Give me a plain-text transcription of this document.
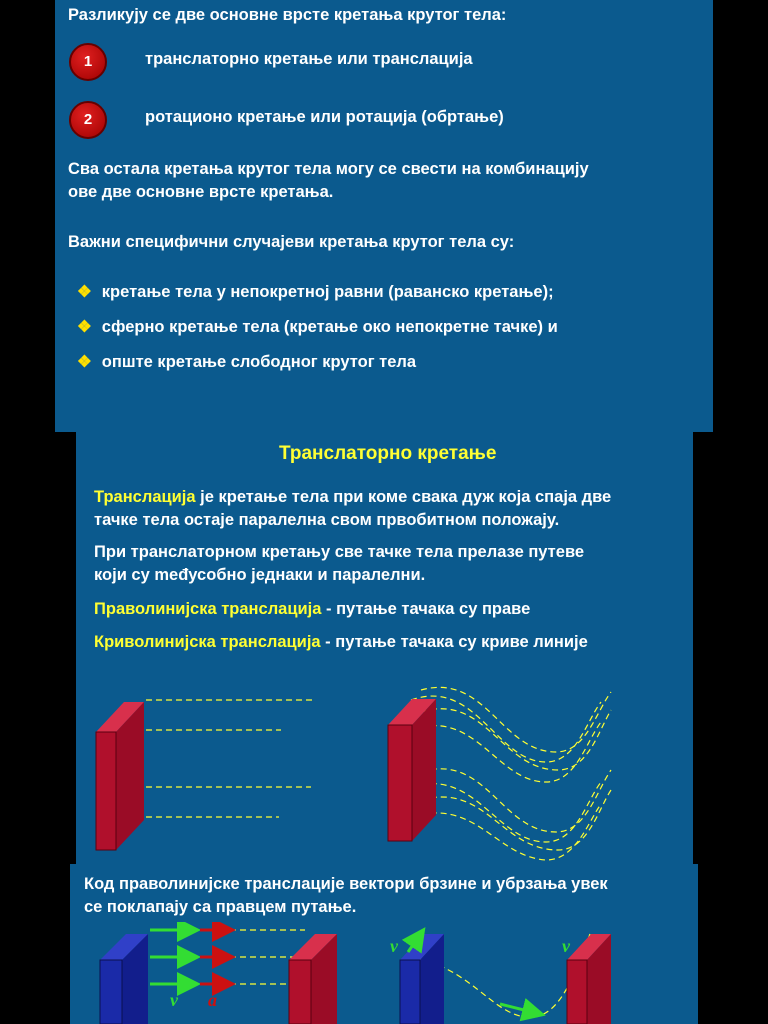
Разликују се две основне врсте кретања крутог тела:
1	транслаторно кретање или транслација
2	ротационо кретање или ротација (обртање)
Сва остала кретања крутог тела могу се свести на комбинацију
ове две основне врсте кретања.
Важни специфични случајеви кретања крутог тела су:
❖ кретање тела у непокретној равни (раванско кретање);
❖ сферно кретање тела (кретање око непокретне тачке) и
❖ опште кретање слободног крутог тела
Транслаторно кретање
Транслација је кретање тела при коме свака дуж која спаја две
тачке тела остаје паралелна свом првобитном положају.
При транслаторном кретању све тачке тела прелазе путеве
који су međусобно једнаки и паралелни.
Праволинијска транслација - путање тачака су праве
Криволинијска транслација - путање тачака су криве линије
Код праволинијске транслације вектори брзине и убрзања увек
се поклапају са правцем путање.
v a
v	v
